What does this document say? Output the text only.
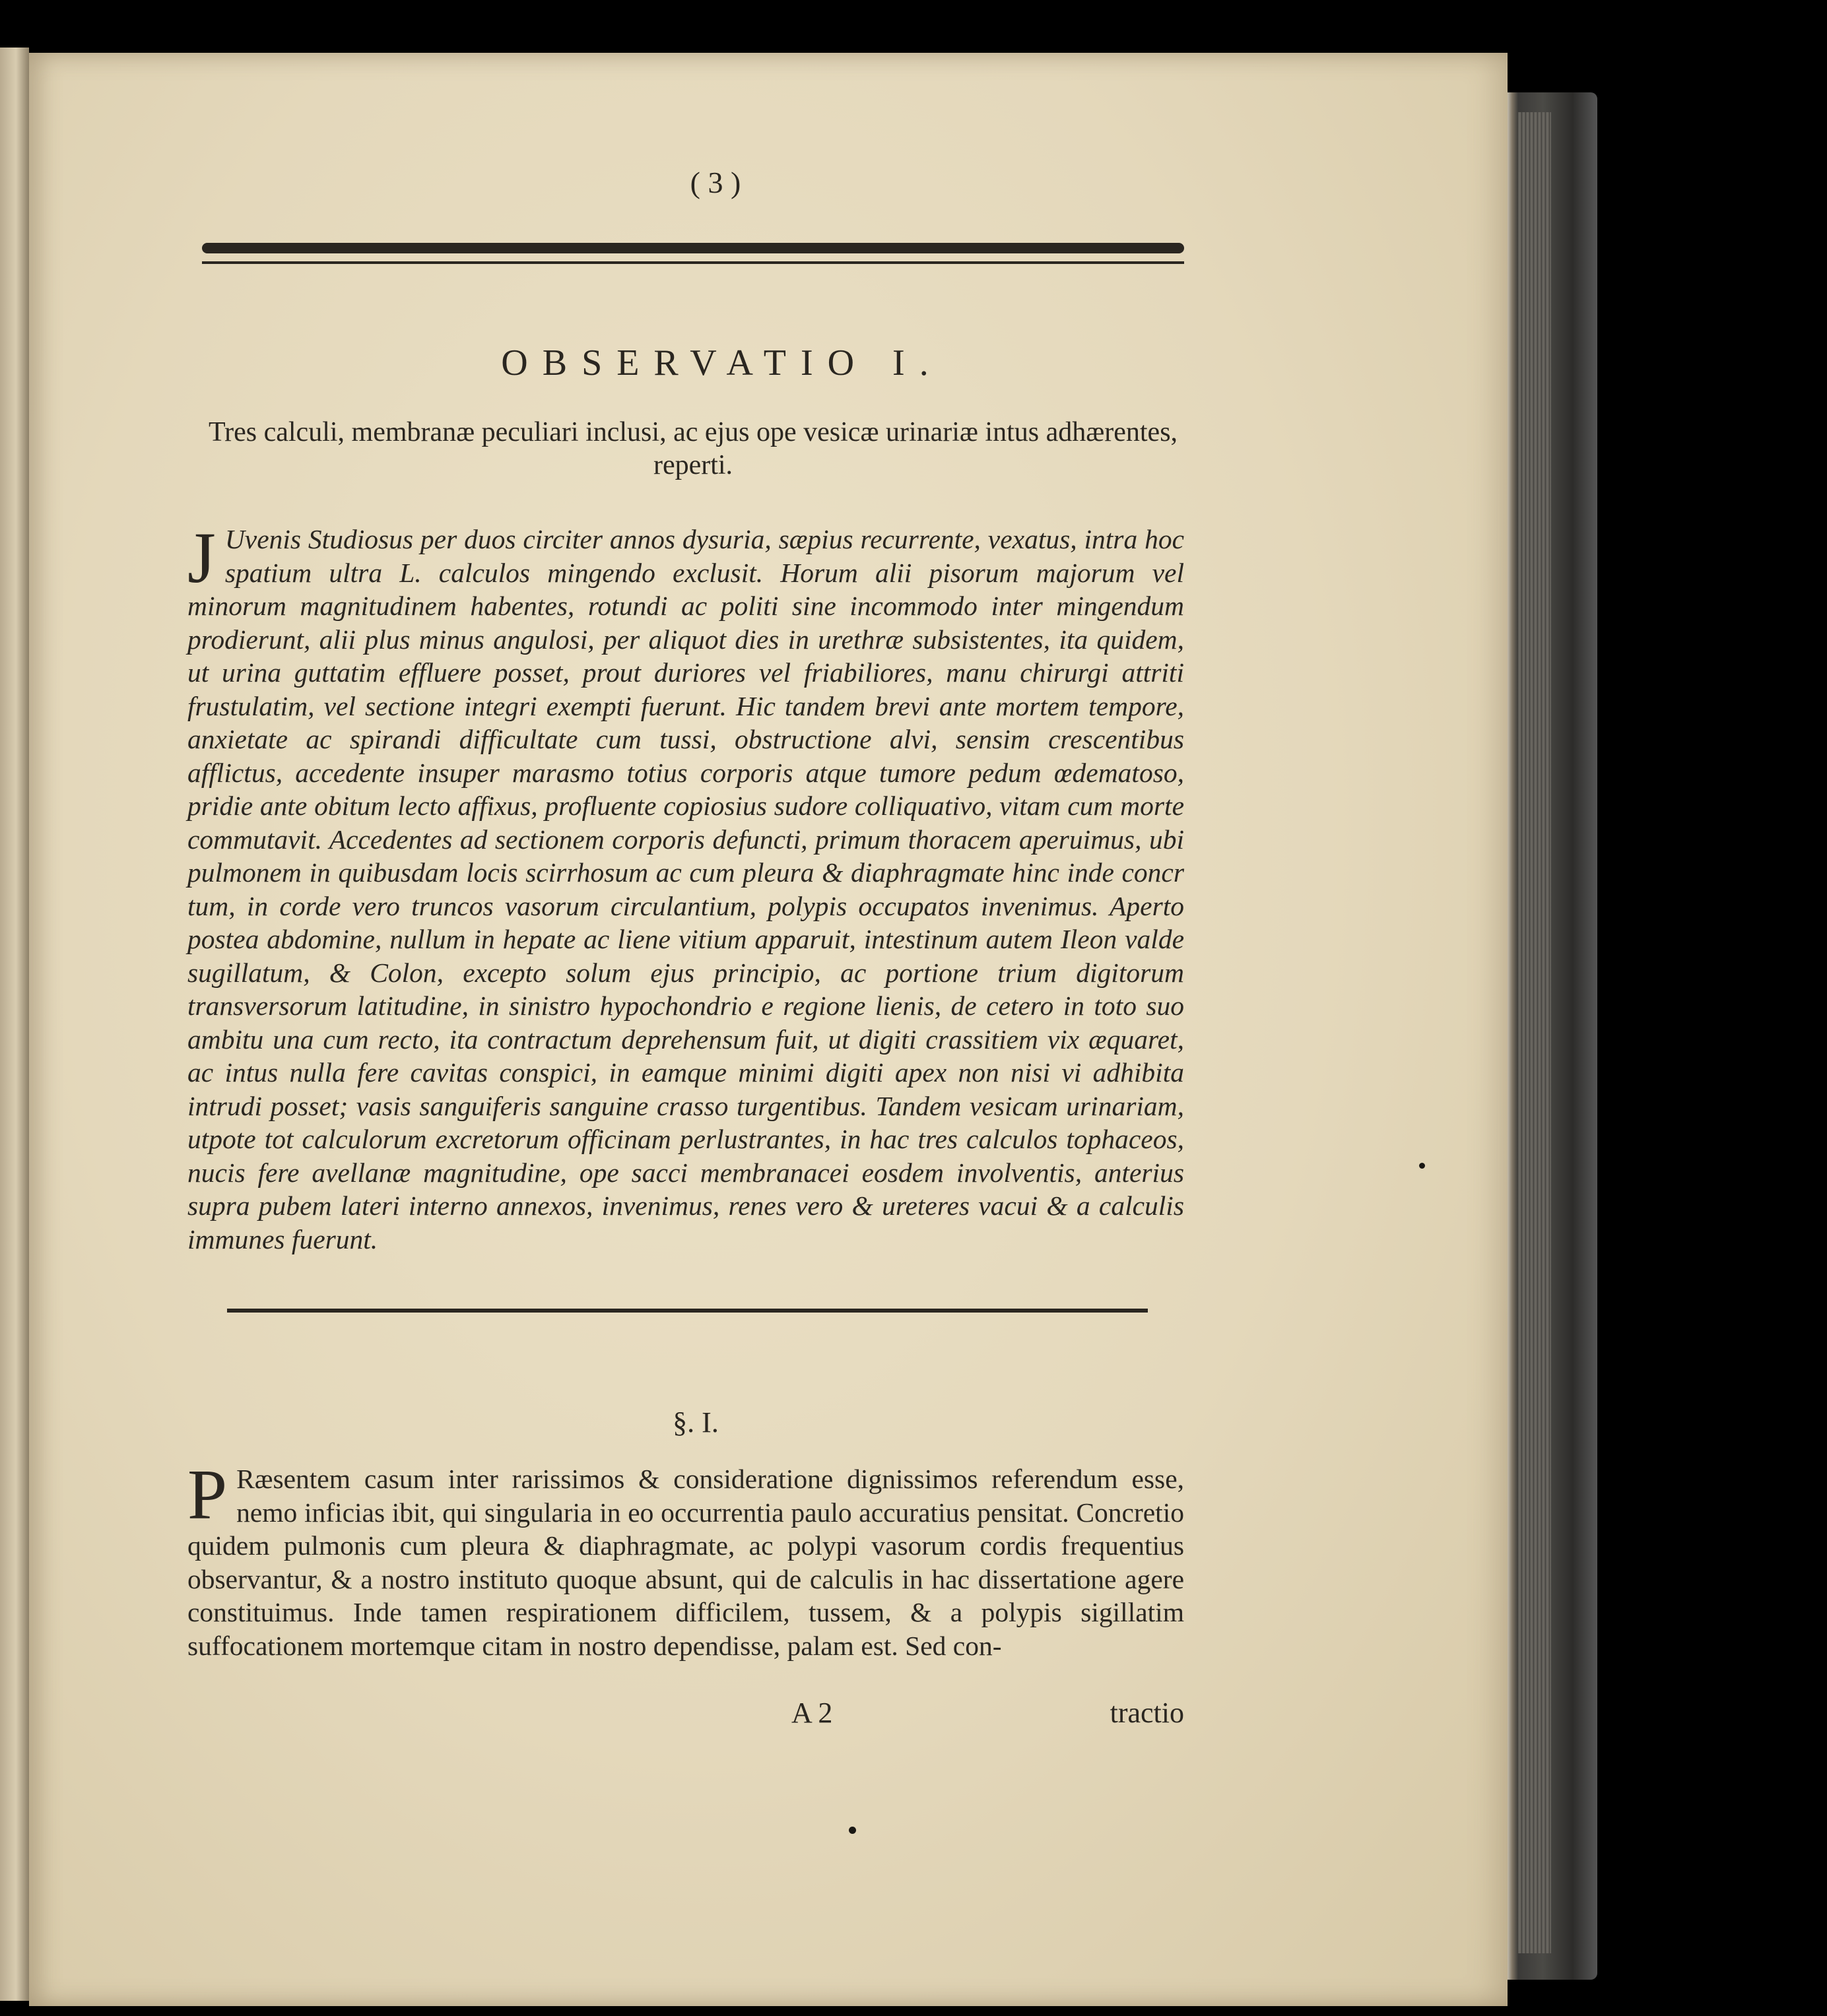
( 3 )
OBSERVATIO I.
Tres calculi, membranæ peculiari inclusi, ac ejus ope vesicæ urinariæ intus adhærentes, reperti.
J Uvenis Studiosus per duos circiter annos dysuria, sæpius recurrente, vexatus, intra hoc spatium ultra L. calculos mingendo exclusit. Horum alii pisorum majorum vel minorum magnitudinem habentes, rotundi ac politi sine incommodo inter mingendum prodierunt, alii plus minus angulosi, per aliquot dies in urethræ subsistentes, ita quidem, ut urina guttatim effluere posset, prout duriores vel friabiliores, manu chirurgi attriti frustulatim, vel sectione integri exempti fuerunt. Hic tandem brevi ante mortem tempore, anxietate ac spirandi difficultate cum tussi, obstructione alvi, sensim crescentibus afflictus, accedente insuper marasmo totius corporis atque tumore pedum œdematoso, pridie ante obitum lecto affixus, profluente copiosius sudore colliquativo, vitam cum morte commutavit. Accedentes ad sectionem corporis defuncti, primum thoracem aperuimus, ubi pulmonem in quibusdam locis scirrhosum ac cum pleura & diaphragmate hinc inde concr tum, in corde vero truncos vasorum circulantium, polypis occupatos invenimus. Aperto postea abdomine, nullum in hepate ac liene vitium apparuit, intestinum autem Ileon valde sugillatum, & Colon, excepto solum ejus principio, ac portione trium digitorum transversorum latitudine, in sinistro hypochondrio e regione lienis, de cetero in toto suo ambitu una cum recto, ita contractum deprehensum fuit, ut digiti crassitiem vix æquaret, ac intus nulla fere cavitas conspici, in eamque minimi digiti apex non nisi vi adhibita intrudi posset; vasis sanguiferis sanguine crasso turgentibus. Tandem vesicam urinariam, utpote tot calculorum excretorum officinam perlustrantes, in hac tres calculos tophaceos, nucis fere avellanæ magnitudine, ope sacci membranacei eosdem involventis, anterius supra pubem lateri interno annexos, invenimus, renes vero & ureteres vacui & a calculis immunes fuerunt.
§. I.
P Ræsentem casum inter rarissimos & consideratione dignissimos referendum esse, nemo inficias ibit, qui singularia in eo occurrentia paulo accuratius pensitat. Concretio quidem pulmonis cum pleura & diaphragmate, ac polypi vasorum cordis frequentius observantur, & a nostro instituto quoque absunt, qui de calculis in hac dissertatione agere constituimus. Inde tamen respirationem difficilem, tussem, & a polypis sigillatim suffocationem mortemque citam in nostro dependisse, palam est. Sed con-
A 2	tractio
